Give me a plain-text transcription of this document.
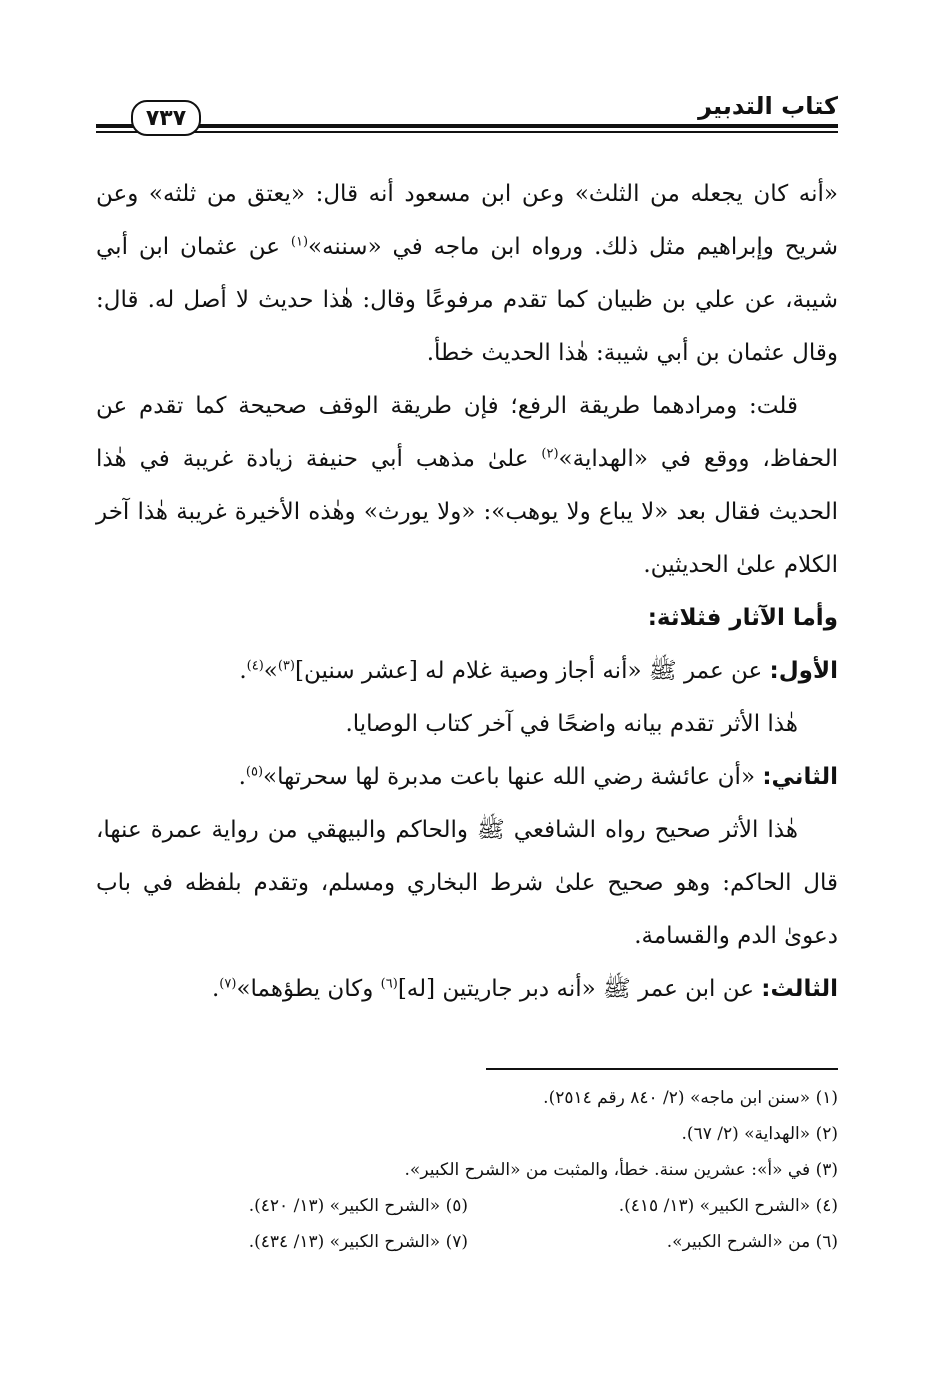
كتاب التدبير
٧٣٧

«أنه كان يجعله من الثلث» وعن ابن مسعود أنه قال: «يعتق من ثلثه» وعن شريح وإبراهيم مثل ذلك. ورواه ابن ماجه في «سننه»$^{(١)}$ عن عثمان ابن أبي شيبة، عن علي بن ظبيان كما تقدم مرفوعًا وقال: هٰذا حديث لا أصل له. قال: وقال عثمان بن أبي شيبة: هٰذا الحديث خطأ.

قلت: ومرادهما طريقة الرفع؛ فإن طريقة الوقف صحيحة كما تقدم عن الحفاظ، ووقع في «الهداية»$^{(٢)}$ علىٰ مذهب أبي حنيفة زيادة غريبة في هٰذا الحديث فقال بعد «لا يباع ولا يوهب»: «ولا يورث» وهٰذه الأخيرة غريبة هٰذا آخر الكلام علىٰ الحديثين.

وأما الآثار فثلاثة:

الأول: عن عمر ﷺ «أنه أجاز وصية غلام له [عشر سنين]$^{(٣)}$»$^{(٤)}$.

هٰذا الأثر تقدم بيانه واضحًا في آخر كتاب الوصايا.

الثاني: «أن عائشة رضي الله عنها باعت مدبرة لها سحرتها»$^{(٥)}$.

هٰذا الأثر صحيح رواه الشافعي ﷺ والحاكم والبيهقي من رواية عمرة عنها، قال الحاكم: وهو صحيح علىٰ شرط البخاري ومسلم، وتقدم بلفظه في باب دعوىٰ الدم والقسامة.

الثالث: عن ابن عمر ﷺ «أنه دبر جاريتين [له]$^{(٦)}$ وكان يطؤهما»$^{(٧)}$.

(١) «سنن ابن ماجه» (٢/ ٨٤٠ رقم ٢٥١٤).
(٢) «الهداية» (٢/ ٦٧).
(٣) في «أ»: عشرين سنة. خطأ، والمثبت من «الشرح الكبير».
(٤) «الشرح الكبير» (١٣/ ٤١٥).
(٥) «الشرح الكبير» (١٣/ ٤٢٠).
(٦) من «الشرح الكبير».
(٧) «الشرح الكبير» (١٣/ ٤٣٤).
